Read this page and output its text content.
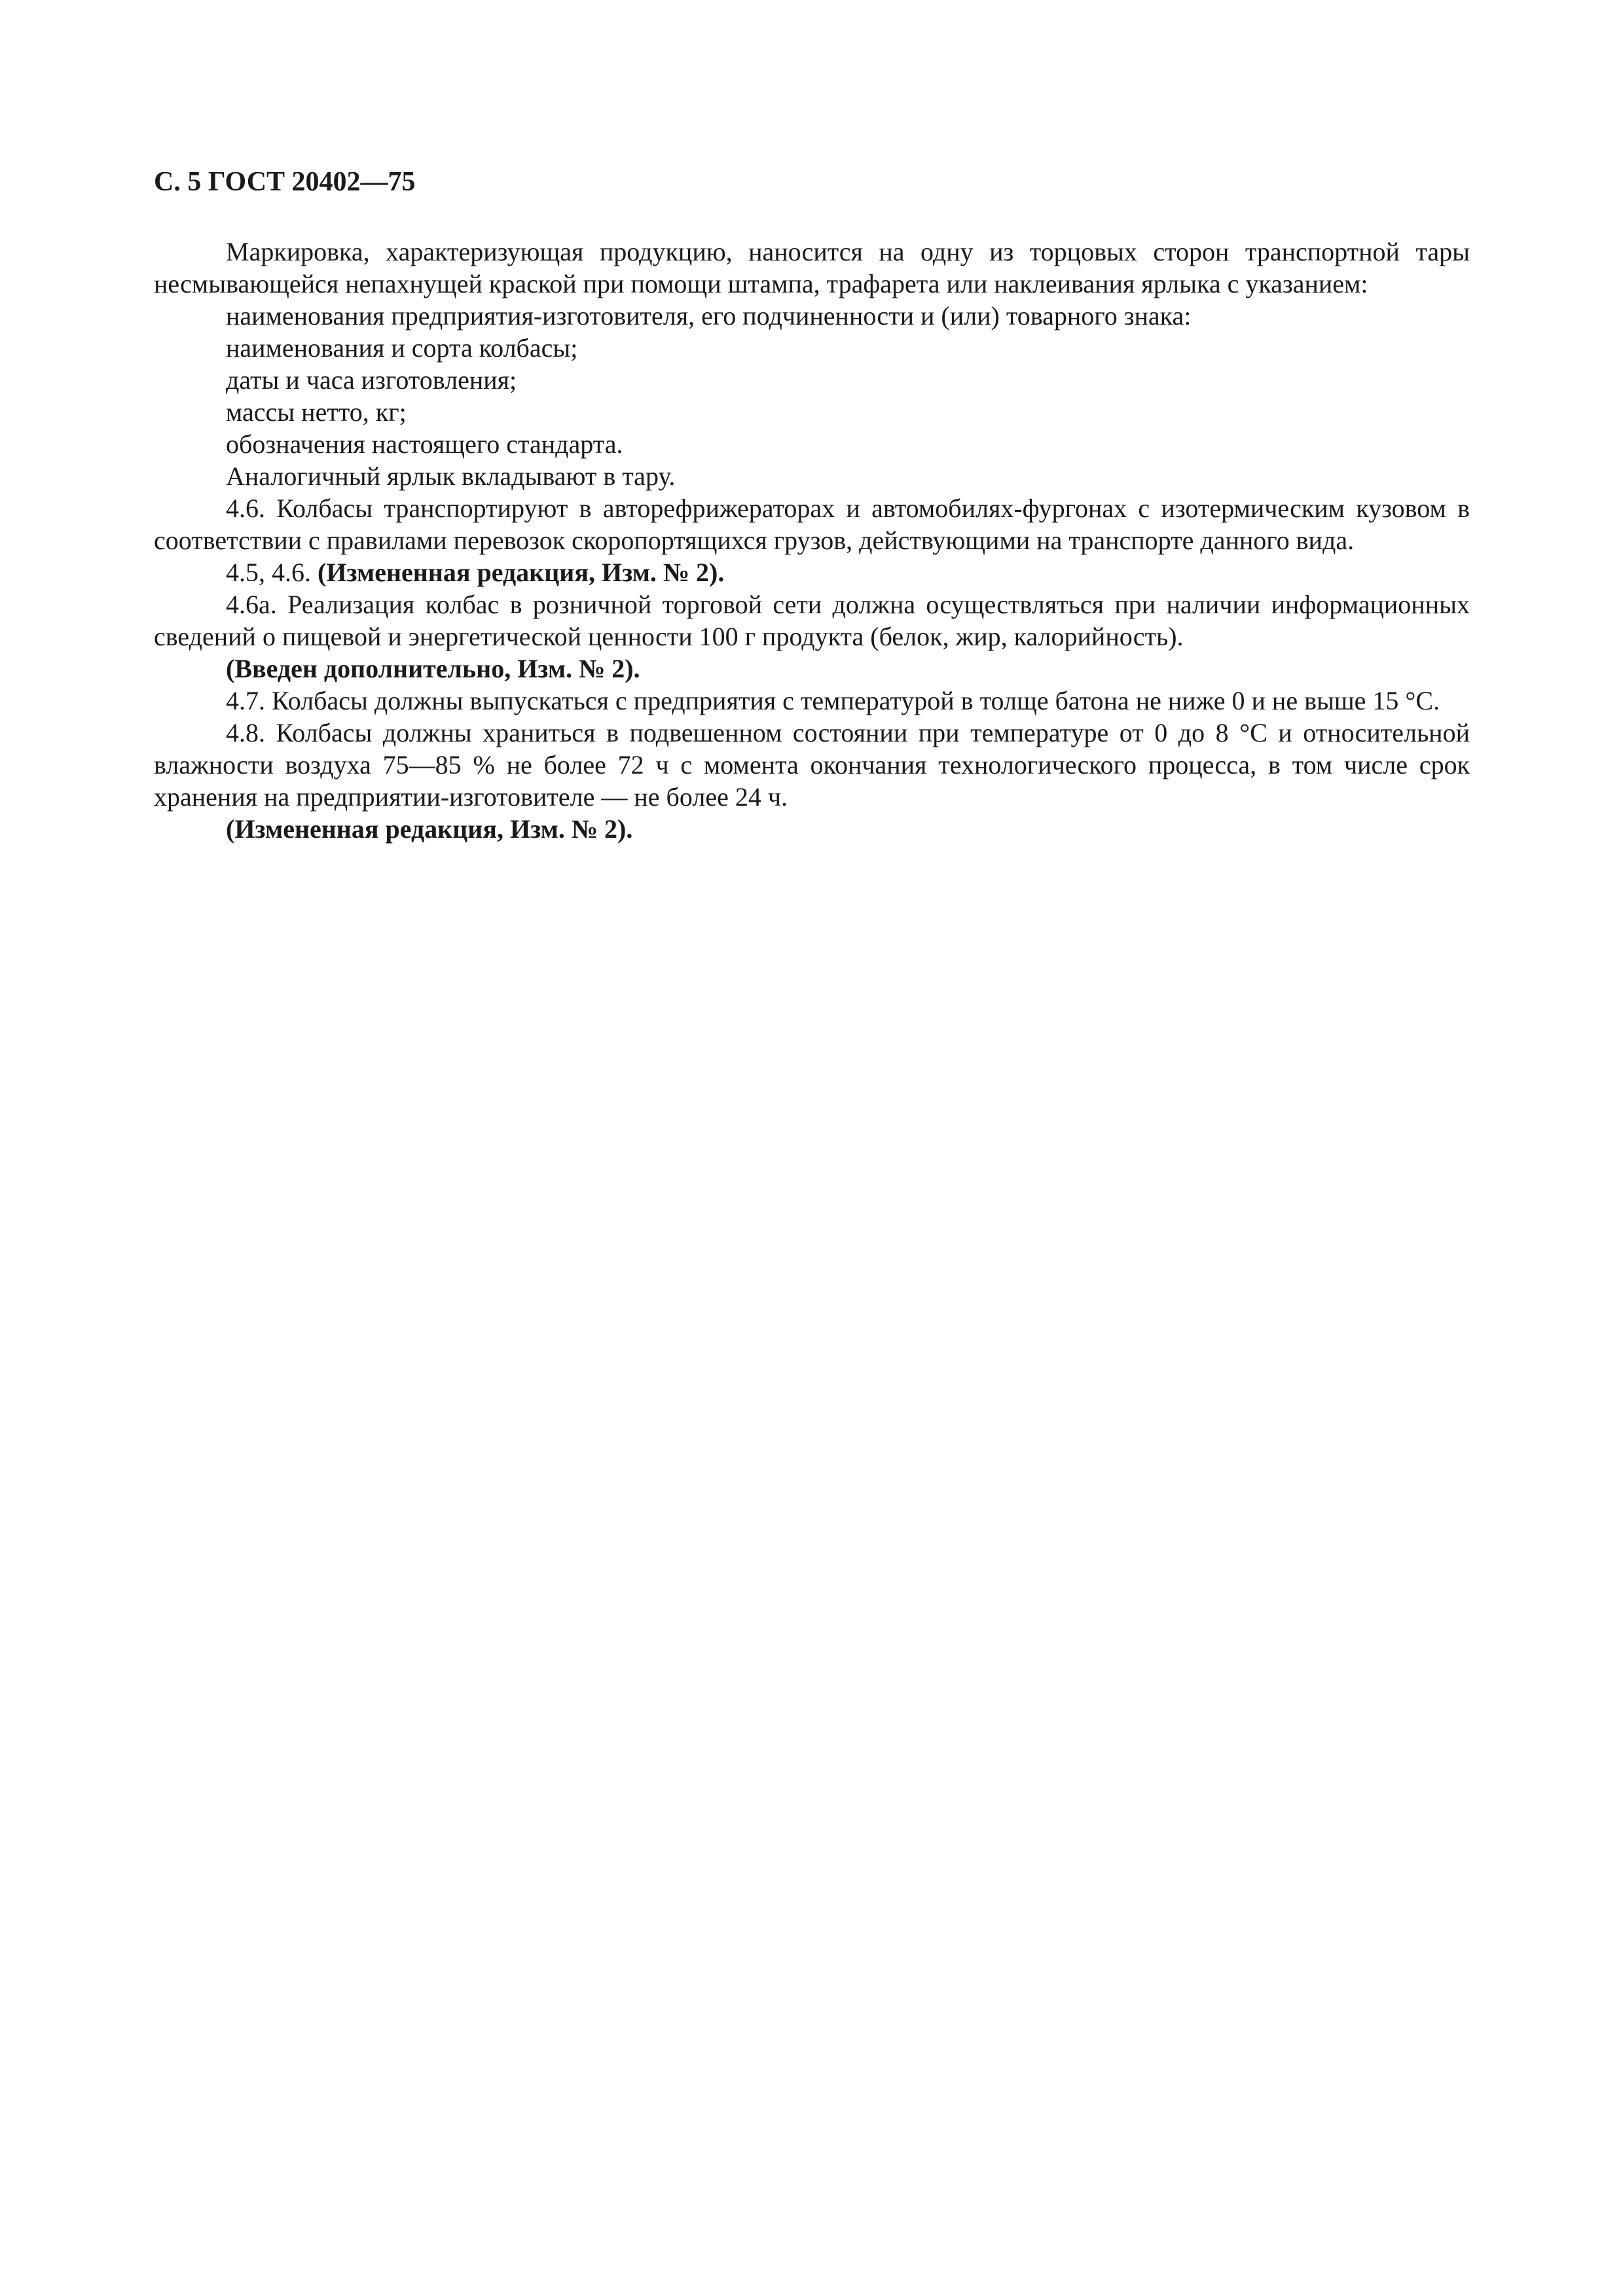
С. 5 ГОСТ 20402—75

Маркировка, характеризующая продукцию, наносится на одну из торцовых сторон транспортной тары несмывающейся непахнущей краской при помощи штампа, трафарета или наклеивания ярлыка с указанием:

наименования предприятия-изготовителя, его подчиненности и (или) товарного знака:

наименования и сорта колбасы;

даты и часа изготовления;

массы нетто, кг;

обозначения настоящего стандарта.

Аналогичный ярлык вкладывают в тару.

4.6. Колбасы транспортируют в авторефрижераторах и автомобилях-фургонах с изотермическим кузовом в соответствии с правилами перевозок скоропортящихся грузов, действующими на транспорте данного вида.

4.5, 4.6. (Измененная редакция, Изм. № 2).

4.6а. Реализация колбас в розничной торговой сети должна осуществляться при наличии информационных сведений о пищевой и энергетической ценности 100 г продукта (белок, жир, калорийность).

(Введен дополнительно, Изм. № 2).

4.7. Колбасы должны выпускаться с предприятия с температурой в толще батона не ниже 0 и не выше 15 °С.

4.8. Колбасы должны храниться в подвешенном состоянии при температуре от 0 до 8 °С и относительной влажности воздуха 75—85 % не более 72 ч с момента окончания технологического процесса, в том числе срок хранения на предприятии-изготовителе — не более 24 ч.

(Измененная редакция, Изм. № 2).
